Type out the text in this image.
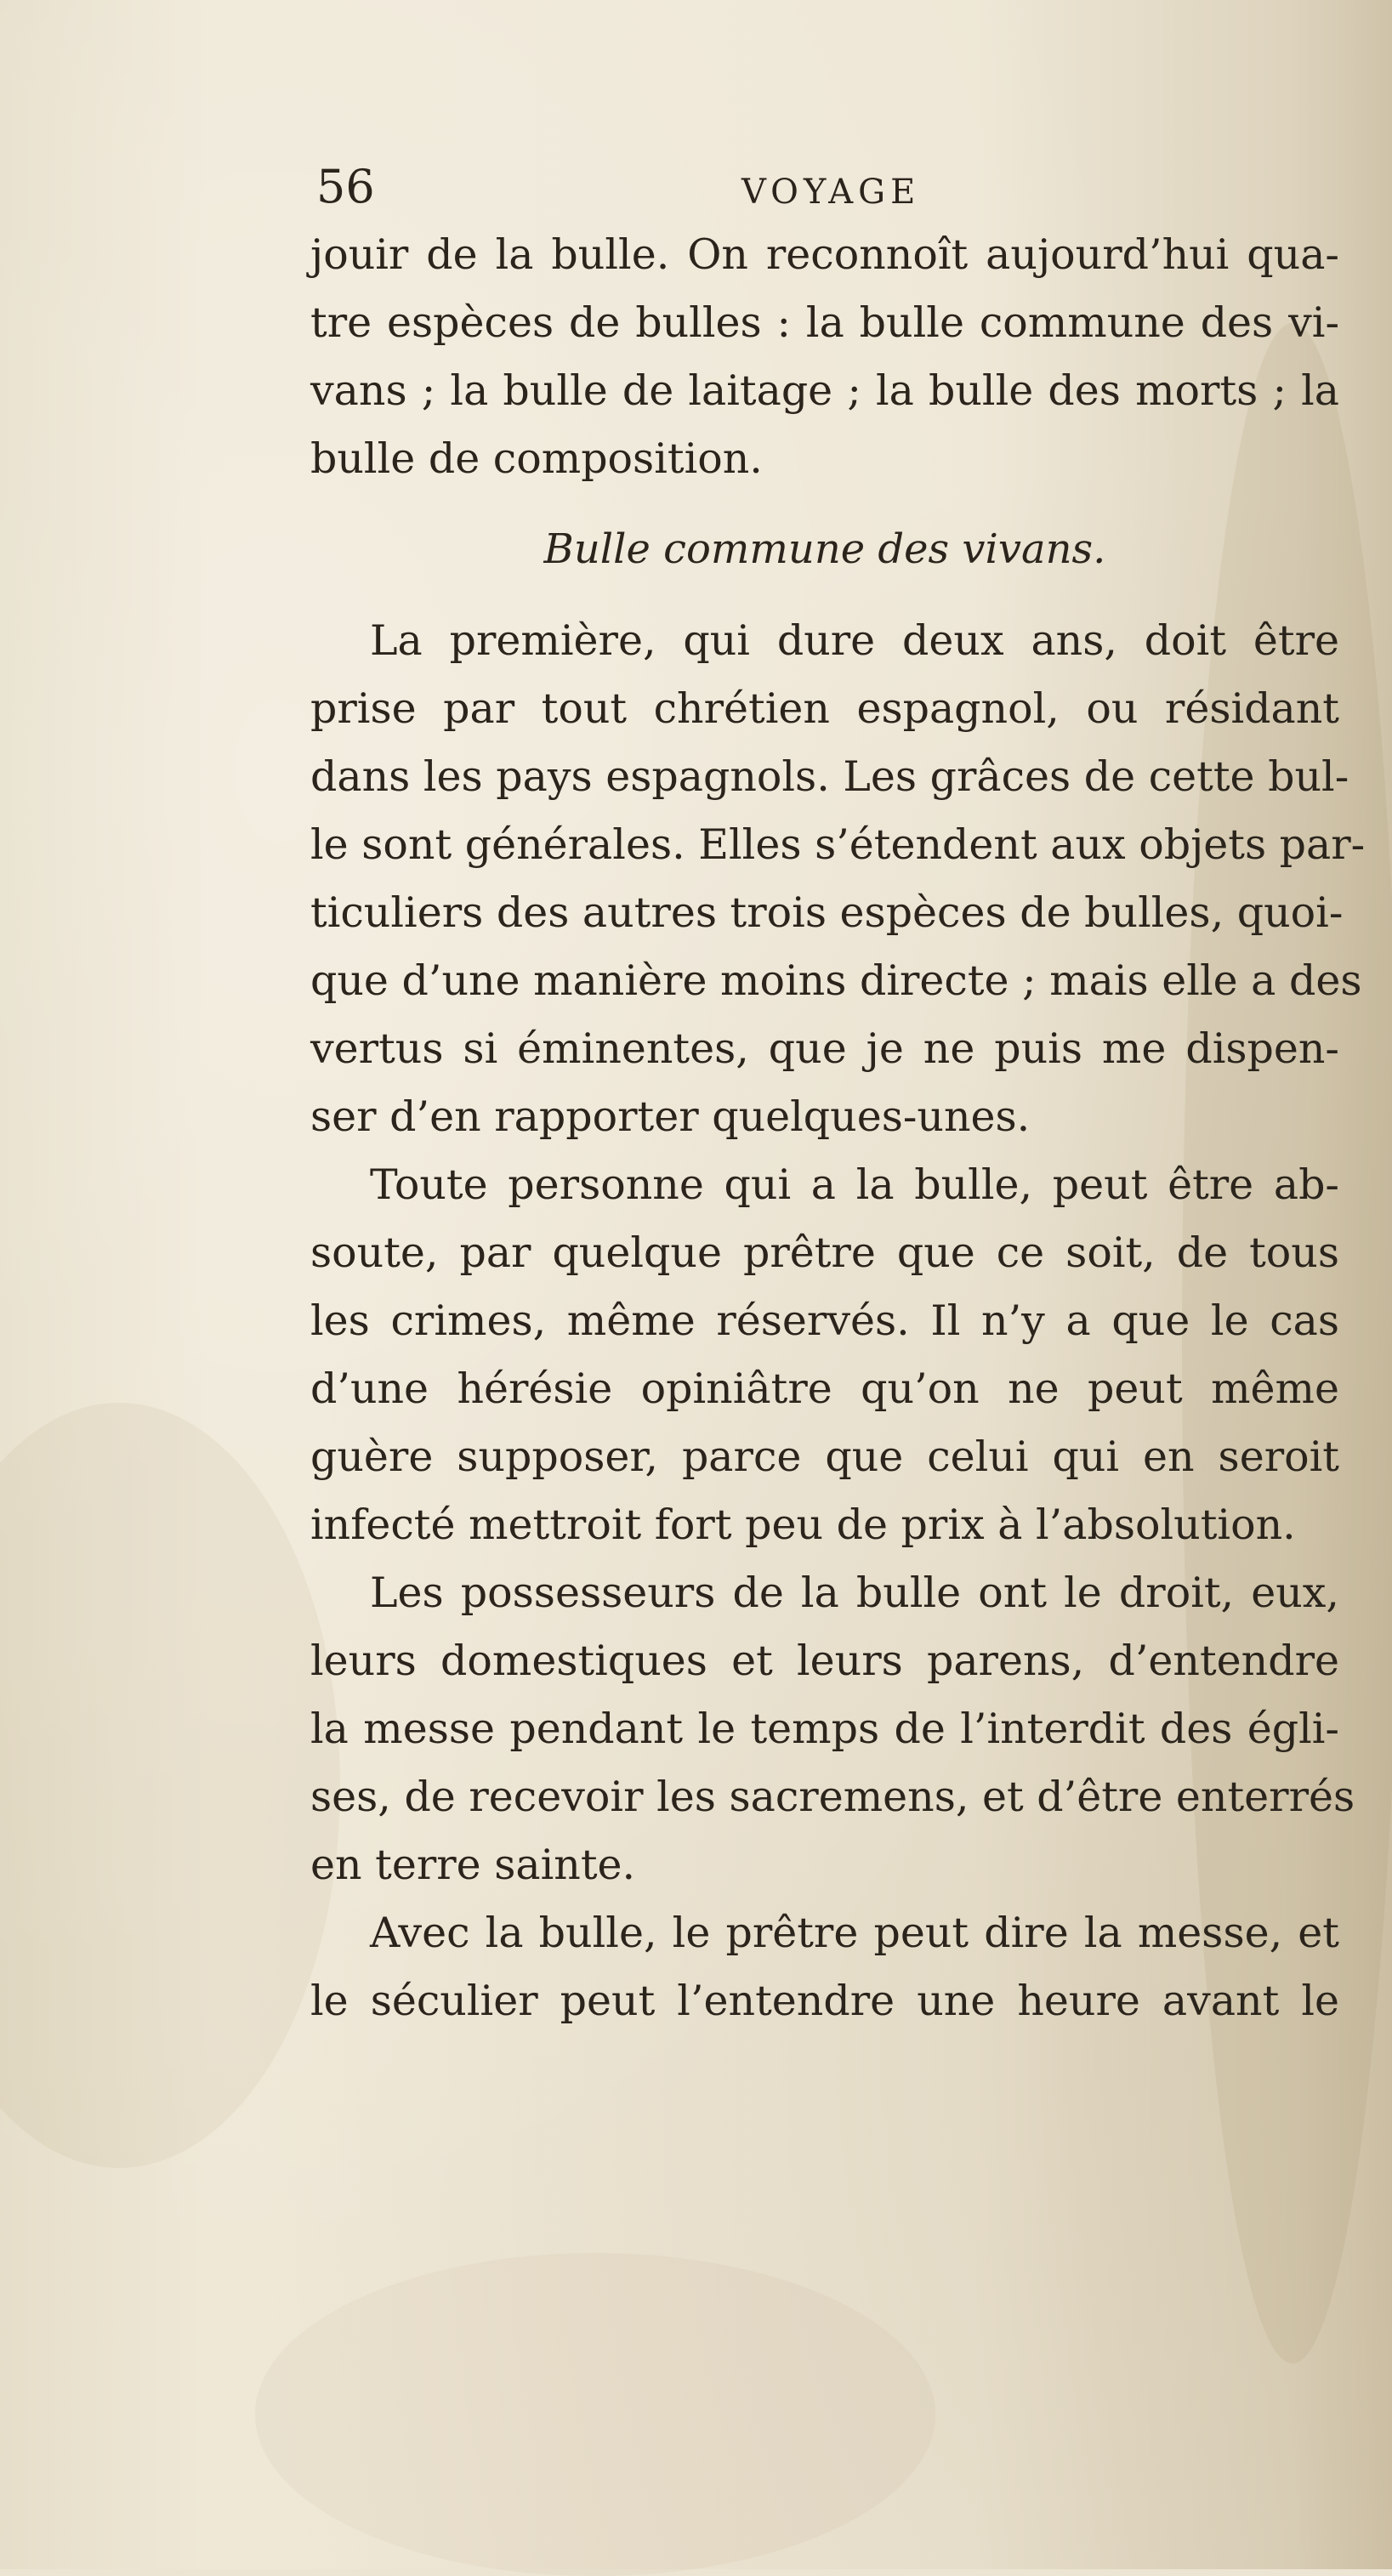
56	VOYAGE
jouir de la bulle. On reconnoît aujourd’hui qua-
tre espèces de bulles : la bulle commune des vi-
vans ; la bulle de laitage ; la bulle des morts ; la
bulle de composition.
Bulle commune des vivans.
La première, qui dure deux ans, doit être
prise par tout chrétien espagnol, ou résidant
dans les pays espagnols. Les grâces de cette bul-
le sont générales. Elles s’étendent aux objets par-
ticuliers des autres trois espèces de bulles, quoi-
que d’une manière moins directe ; mais elle a des
vertus si éminentes, que je ne puis me dispen-
ser d’en rapporter quelques-unes.
Toute personne qui a la bulle, peut être ab-
soute, par quelque prêtre que ce soit, de tous
les crimes, même réservés. Il n’y a que le cas
d’une hérésie opiniâtre qu’on ne peut même
guère supposer, parce que celui qui en seroit
infecté mettroit fort peu de prix à l’absolution.
Les possesseurs de la bulle ont le droit, eux,
leurs domestiques et leurs parens, d’entendre
la messe pendant le temps de l’interdit des égli-
ses, de recevoir les sacremens, et d’être enterrés
en terre sainte.
Avec la bulle, le prêtre peut dire la messe, et
le séculier peut l’entendre une heure avant le
